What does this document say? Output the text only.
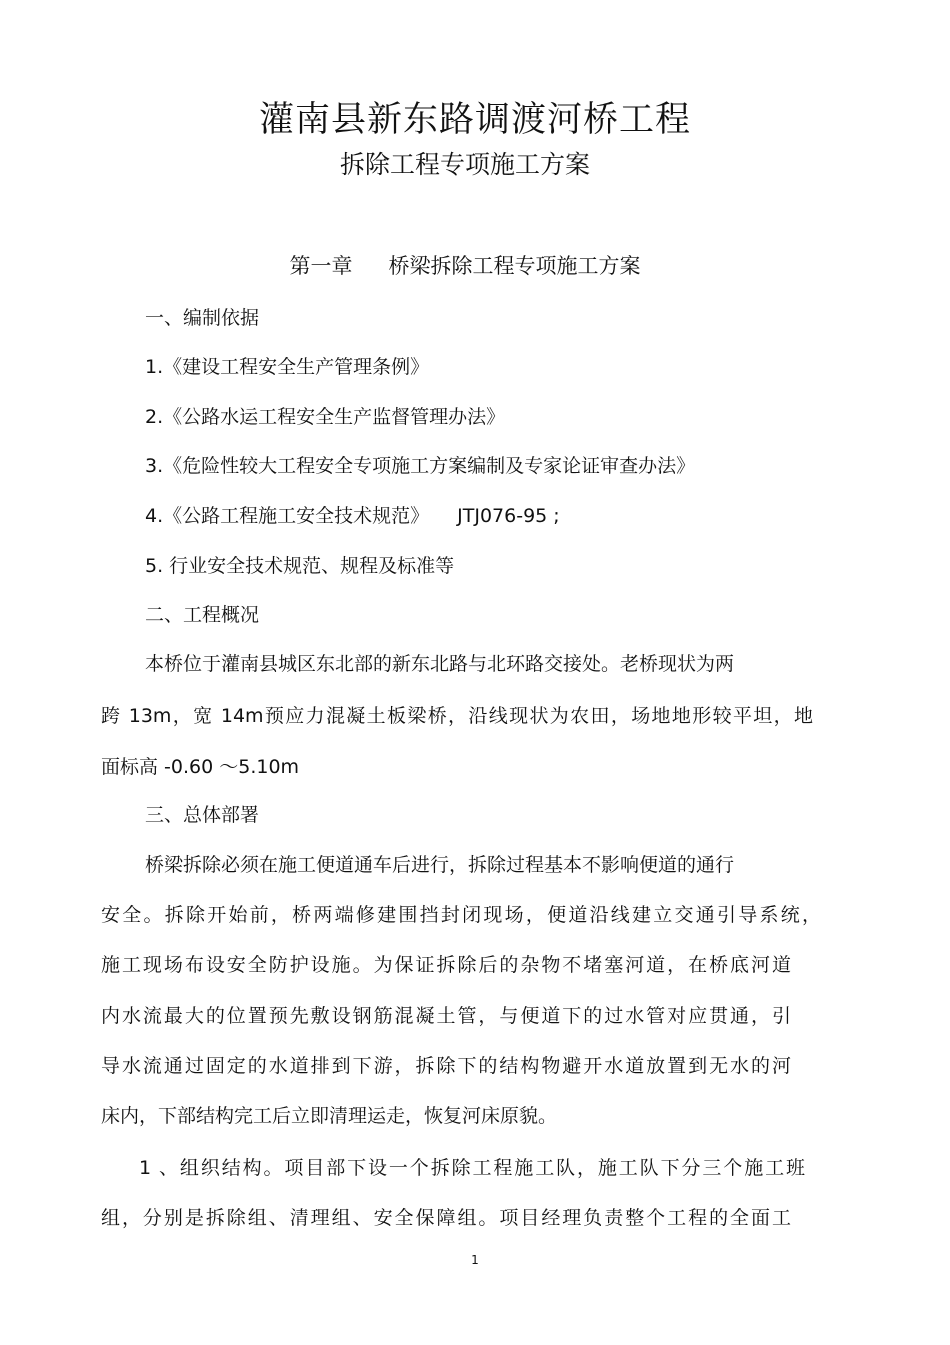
灌南县新东路调渡河桥工程
拆除工程专项施工方案
第一章 桥梁拆除工程专项施工方案
一、编制依据
1.《建设工程安全生产管理条例》
2.《公路水运工程安全生产监督管理办法》
3.《危险性较大工程安全专项施工方案编制及专家论证审查办法》
4.《公路工程施工安全技术规范》 JTJ076-95 ;
5. 行业安全技术规范、规程及标准等
二、工程概况
本桥位于灌南县城区东北部的新东北路与北环路交接处。老桥现状为两
跨 13m，宽 14m预应力混凝土板梁桥，沿线现状为农田，场地地形较平坦，地
面标高 -0.60 ～5.10m
三、总体部署
桥梁拆除必须在施工便道通车后进行，拆除过程基本不影响便道的通行
安全。拆除开始前，桥两端修建围挡封闭现场，便道沿线建立交通引导系统，
施工现场布设安全防护设施。为保证拆除后的杂物不堵塞河道，在桥底河道
内水流最大的位置预先敷设钢筋混凝土管，与便道下的过水管对应贯通，引
导水流通过固定的水道排到下游，拆除下的结构物避开水道放置到无水的河
床内，下部结构完工后立即清理运走，恢复河床原貌。
1 、组织结构。项目部下设一个拆除工程施工队，施工队下分三个施工班
组，分别是拆除组、清理组、安全保障组。项目经理负责整个工程的全面工
1
